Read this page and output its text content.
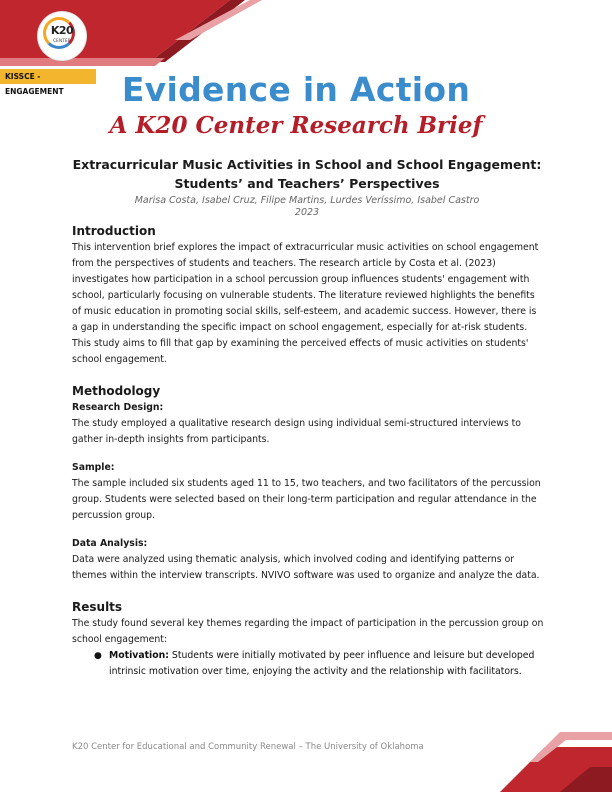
K20
CENTER
KISSCE - ENGAGEMENT	Evidence in Action
A K20 Center Research Brief
Extracurricular Music Activities in School and School Engagement:
Students’ and Teachers’ Perspectives
Marisa Costa, Isabel Cruz, Filipe Martins, Lurdes Veríssimo, Isabel Castro
2023
Introduction

This intervention brief explores the impact of extracurricular music activities on school engagement from the perspectives of students and teachers. The research article by Costa et al. (2023) investigates how participation in a school percussion group influences students' engagement with school, particularly focusing on vulnerable students. The literature reviewed highlights the benefits of music education in promoting social skills, self-esteem, and academic success. However, there is a gap in understanding the specific impact on school engagement, especially for at-risk students. This study aims to fill that gap by examining the perceived effects of music activities on students' school engagement.

Methodology
Research Design:

The study employed a qualitative research design using individual semi-structured interviews to gather in-depth insights from participants.

Sample:

The sample included six students aged 11 to 15, two teachers, and two facilitators of the percussion group. Students were selected based on their long-term participation and regular attendance in the percussion group.

Data Analysis:

Data were analyzed using thematic analysis, which involved coding and identifying patterns or themes within the interview transcripts. NVIVO software was used to organize and analyze the data.

Results

The study found several key themes regarding the impact of participation in the percussion group on school engagement:

● Motivation: Students were initially motivated by peer influence and leisure but developed intrinsic motivation over time, enjoying the activity and the relationship with facilitators.
K20 Center for Educational and Community Renewal – The University of Oklahoma
